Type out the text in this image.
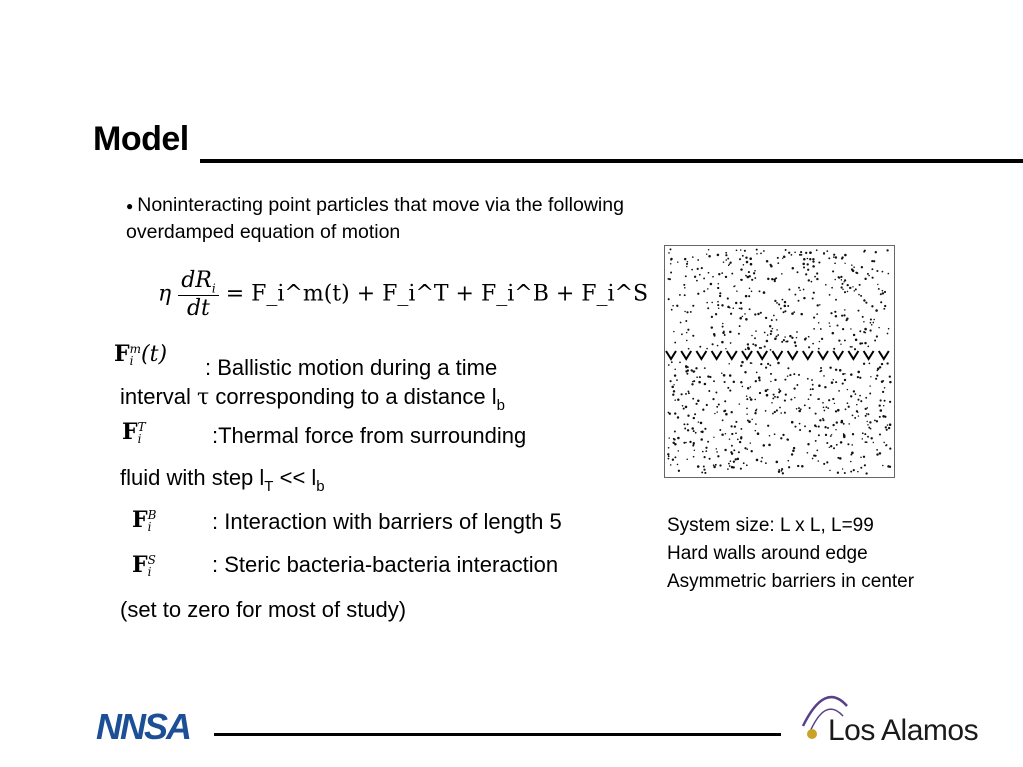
Model
● Noninteracting point particles that move via the following overdamped equation of motion
η $\frac{dR_i}{dt}$ = F_i^m(t) + F_i^T + F_i^B + F_i^S
Fm
i (t)
: Ballistic motion during a time
interval τ corresponding to a distance $l_b$
FT
i	:Thermal force from surrounding
fluid with step $l_T << l_b$
FB
i	: Interaction with barriers of length 5
FS
i	: Steric bacteria-bacteria interaction
(set to zero for most of study)
System size: L x L, L=99
Hard walls around edge
Asymmetric barriers in center
NNSA	Los Alamos
